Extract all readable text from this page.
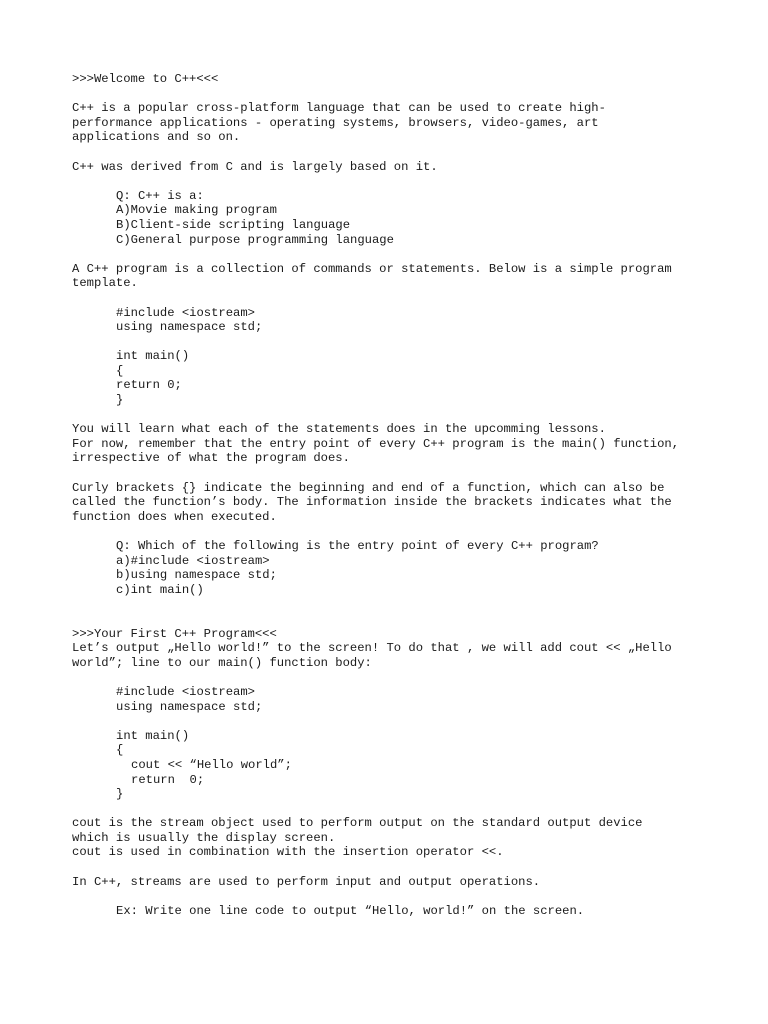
>>>Welcome to C++<<<
C++ is a popular cross-platform language that can be used to create high-
performance applications - operating systems, browsers, video-games, art
applications and so on.
C++ was derived from C and is largely based on it.
Q: C++ is a:
A)Movie making program
B)Client-side scripting language
C)General purpose programming language
A C++ program is a collection of commands or statements. Below is a simple program
template.
#include <iostream>
using namespace std;
int main()
{
return 0;
}
You will learn what each of the statements does in the upcomming lessons.
For now, remember that the entry point of every C++ program is the main() function,
irrespective of what the program does.
Curly brackets {} indicate the beginning and end of a function, which can also be
called the function’s body. The information inside the brackets indicates what the
function does when executed.
Q: Which of the following is the entry point of every C++ program?
a)#include <iostream>
b)using namespace std;
c)int main()
>>>Your First C++ Program<<<
Let’s output „Hello world!” to the screen! To do that , we will add cout << „Hello
world”; line to our main() function body:
#include <iostream>
using namespace std;
int main()
{
cout << “Hello world”;
return  0;
}
cout is the stream object used to perform output on the standard output device
which is usually the display screen.
cout is used in combination with the insertion operator <<.
In C++, streams are used to perform input and output operations.
Ex: Write one line code to output “Hello, world!” on the screen.
